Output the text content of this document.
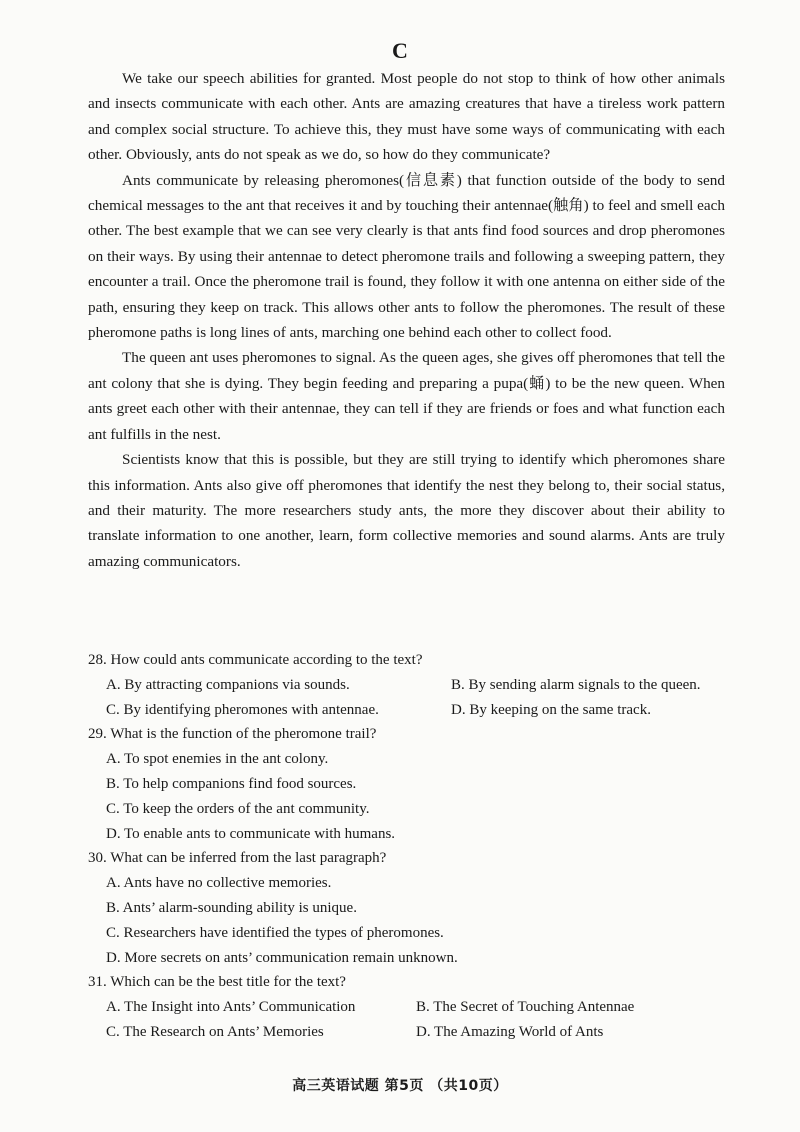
C

We take our speech abilities for granted. Most people do not stop to think of how other animals and insects communicate with each other. Ants are amazing creatures that have a tireless work pattern and complex social structure. To achieve this, they must have some ways of communicating with each other. Obviously, ants do not speak as we do, so how do they communicate?

Ants communicate by releasing pheromones(信息素) that function outside of the body to send chemical messages to the ant that receives it and by touching their antennae(触角) to feel and smell each other. The best example that we can see very clearly is that ants find food sources and drop pheromones on their ways. By using their antennae to detect pheromone trails and following a sweeping pattern, they encounter a trail. Once the pheromone trail is found, they follow it with one antenna on either side of the path, ensuring they keep on track. This allows other ants to follow the pheromones. The result of these pheromone paths is long lines of ants, marching one behind each other to collect food.

The queen ant uses pheromones to signal. As the queen ages, she gives off pheromones that tell the ant colony that she is dying. They begin feeding and preparing a pupa(蛹) to be the new queen. When ants greet each other with their antennae, they can tell if they are friends or foes and what function each ant fulfills in the nest.

Scientists know that this is possible, but they are still trying to identify which pheromones share this information. Ants also give off pheromones that identify the nest they belong to, their social status, and their maturity. The more researchers study ants, the more they discover about their ability to translate information to one another, learn, form collective memories and sound alarms. Ants are truly amazing communicators.

28. How could ants communicate according to the text?
A. By attracting companions via sounds.	B. By sending alarm signals to the queen.
C. By identifying pheromones with antennae.	D. By keeping on the same track.
29. What is the function of the pheromone trail?
A. To spot enemies in the ant colony.
B. To help companions find food sources.
C. To keep the orders of the ant community.
D. To enable ants to communicate with humans.
30. What can be inferred from the last paragraph?
A. Ants have no collective memories.
B. Ants’ alarm-sounding ability is unique.
C. Researchers have identified the types of pheromones.
D. More secrets on ants’ communication remain unknown.
31. Which can be the best title for the text?
A. The Insight into Ants’ Communication	B. The Secret of Touching Antennae
C. The Research on Ants’ Memories	D. The Amazing World of Ants
高三英语试题 第5页 （共10页）
